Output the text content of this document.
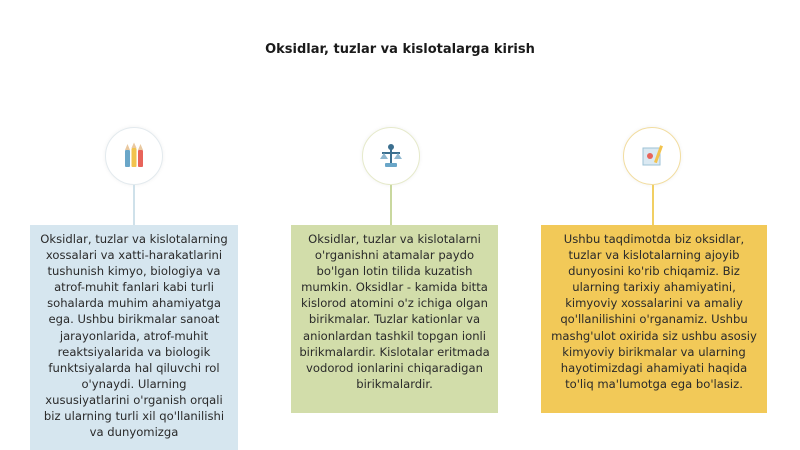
Oksidlar, tuzlar va kislotalarga kirish
Oksidlar, tuzlar va kislotalarning xossalari va xatti-harakatlarini tushunish kimyo, biologiya va atrof-muhit fanlari kabi turli sohalarda muhim ahamiyatga ega. Ushbu birikmalar sanoat jarayonlarida, atrof-muhit reaktsiyalarida va biologik funktsiyalarda hal qiluvchi rol o'ynaydi. Ularning xususiyatlarini o'rganish orqali biz ularning turli xil qo'llanilishi va dunyomizga
Oksidlar, tuzlar va kislotalarni o'rganishni atamalar paydo bo'lgan lotin tilida kuzatish mumkin. Oksidlar - kamida bitta kislorod atomini o'z ichiga olgan birikmalar. Tuzlar kationlar va anionlardan tashkil topgan ionli birikmalardir. Kislotalar eritmada vodorod ionlarini chiqaradigan birikmalardir.
Ushbu taqdimotda biz oksidlar, tuzlar va kislotalarning ajoyib dunyosini ko'rib chiqamiz. Biz ularning tarixiy ahamiyatini, kimyoviy xossalarini va amaliy qo'llanilishini o'rganamiz. Ushbu mashg'ulot oxirida siz ushbu asosiy kimyoviy birikmalar va ularning hayotimizdagi ahamiyati haqida to'liq ma'lumotga ega bo'lasiz.
